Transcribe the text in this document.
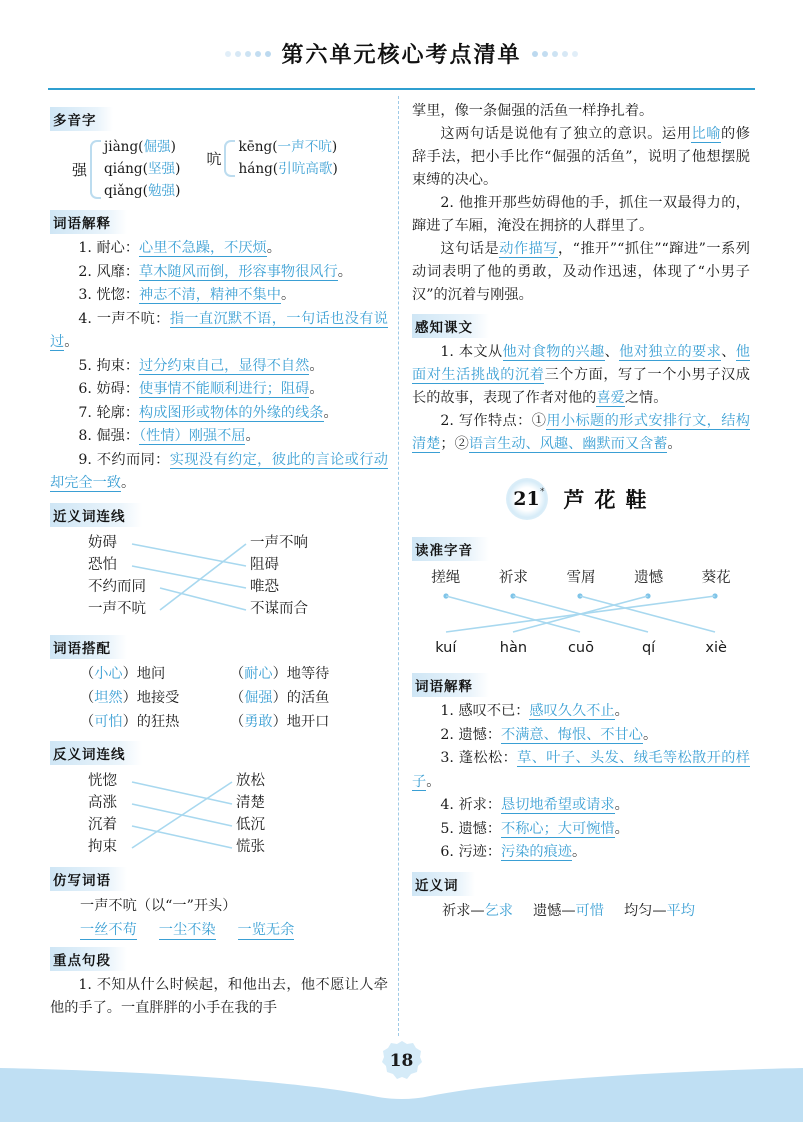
第六单元核心考点清单
多音字
强
jiàng(倔强)
qiáng(坚强)
qiǎng(勉强)
吭
kēng(一声不吭)
háng(引吭高歌)
词语解释
1. 耐心：心里不急躁，不厌烦。
2. 风靡：草木随风而倒，形容事物很风行。
3. 恍惚：神志不清，精神不集中。
4. 一声不吭：指一直沉默不语，一句话也没有说过。
5. 拘束：过分约束自己，显得不自然。
6. 妨碍：使事情不能顺利进行；阻碍。
7. 轮廓：构成图形或物体的外缘的线条。
8. 倔强：（性情）刚强不屈。
9. 不约而同：实现没有约定，彼此的言论或行动却完全一致。
近义词连线
妨碍
恐怕
不约而同
一声不吭
一声不响
阻碍
唯恐
不谋而合
词语搭配
（小心）地问	（耐心）地等待
（坦然）地接受	（倔强）的活鱼
（可怕）的狂热	（勇敢）地开口
反义词连线
恍惚
高涨
沉着
拘束
放松
清楚
低沉
慌张
仿写词语
一声不吭（以“一”开头）
一丝不苟 一尘不染 一览无余
重点句段
1. 不知从什么时候起，和他出去，他不愿让人牵他的手了。一直胖胖的小手在我的手
掌里，像一条倔强的活鱼一样挣扎着。
这两句话是说他有了独立的意识。运用比喻的修辞手法，把小手比作“倔强的活鱼”，说明了他想摆脱束缚的决心。
2. 他推开那些妨碍他的手，抓住一双最得力的，蹿进了车厢，淹没在拥挤的人群里了。
这句话是动作描写，“推开”“抓住”“蹿进”一系列动词表明了他的勇敢，及动作迅速，体现了“小男子汉”的沉着与刚强。
感知课文
1. 本文从他对食物的兴趣、他对独立的要求、他面对生活挑战的沉着三个方面，写了一个小男子汉成长的故事，表现了作者对他的喜爱之情。
2. 写作特点：①用小标题的形式安排行文，结构清楚；②语言生动、风趣、幽默而又含蓄。
21 * 芦花鞋
读准字音
搓绳	祈求	雪屑	遗憾	葵花
kuí	hàn	cuō	qí	xiè
词语解释
1. 感叹不已：感叹久久不止。
2. 遗憾：不满意、悔恨、不甘心。
3. 蓬松松：草、叶子、头发、绒毛等松散开的样子。
4. 祈求：恳切地希望或请求。
5. 遗憾：不称心；大可惋惜。
6. 污迹：污染的痕迹。
近义词
祈求—乞求 遗憾—可惜 均匀—平均
18
